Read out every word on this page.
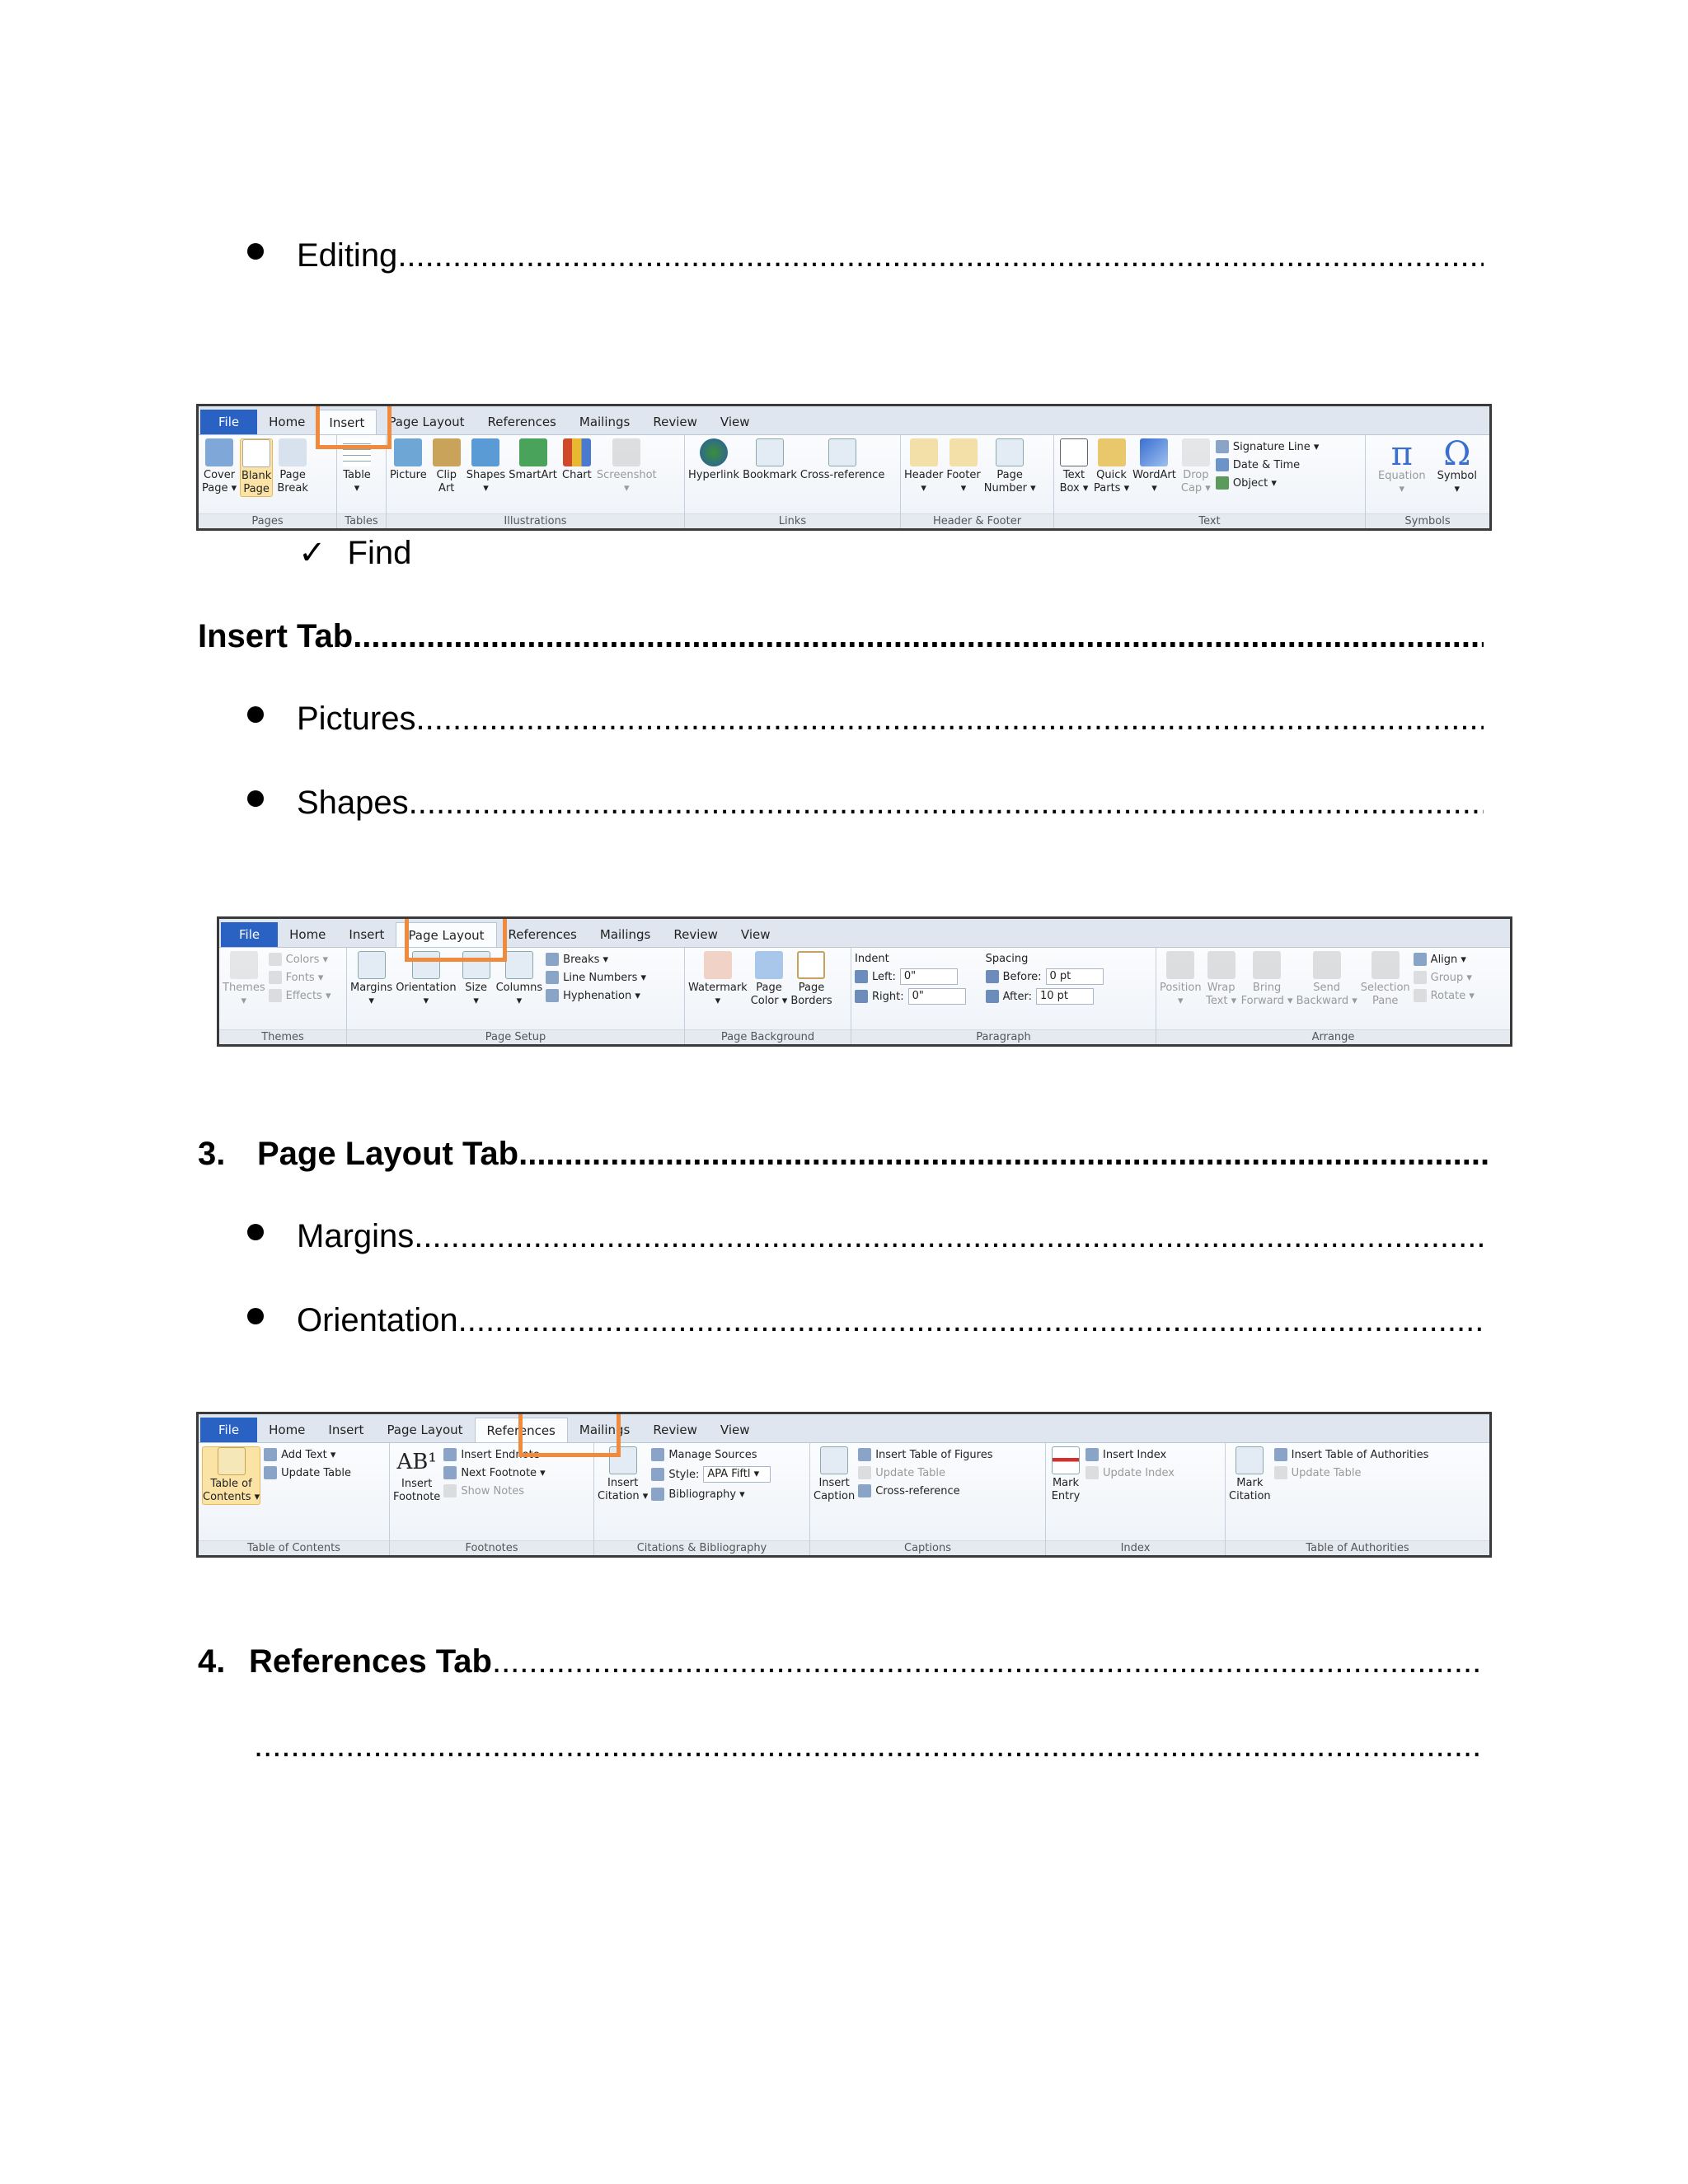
Editing
.....
File	Home	Insert	Page Layout	References	Mailings	Review	View
Cover
Page ▾
Blank
Page
Page
Break
Pages
Table
▾
Tables
Picture Clip
Art
Shapes
▾
SmartArt Chart Screenshot
▾
Illustrations
Hyperlink Bookmark Cross-reference
Links
Header
▾
Footer
▾
Page
Number ▾
Header & Footer
Text
Box ▾
Quick
Parts ▾
WordArt
▾
Drop
Cap ▾
Signature Line ▾
Date & Time
Object ▾
Text
π
Equation
▾
Ω
Symbol
▾
Symbols
✓ Find
Insert Tab
.....
Pictures
.....
Shapes
.....
File	Home	Insert	Page Layout	References	Mailings	Review	View
Themes
▾
Colors ▾
Fonts ▾
Effects ▾
Themes
Margins
▾
Orientation
▾
Size
▾
Columns
▾
Breaks ▾
Line Numbers ▾
Hyphenation ▾
Page Setup
Watermark
▾
Page
Color ▾
Page
Borders
Page Background
Indent
Left: 0"
Right: 0"
Spacing
Before: 0 pt
After: 10 pt
Paragraph
Position
▾
Wrap
Text ▾
Bring
Forward ▾
Send
Backward ▾
Selection
Pane
Align ▾
Group ▾
Rotate ▾
Arrange
3. Page Layout Tab
.....
Margins
.....
Orientation
.....
File	Home	Insert	Page Layout	References	Mailings	Review	View
Table of
Contents ▾
Add Text ▾
Update Table
Table of Contents
AB¹
Insert
Footnote
Insert Endnote
Next Footnote ▾
Show Notes
Footnotes
Insert
Citation ▾
Manage Sources
Style: APA Fiftl ▾
Bibliography ▾
Citations & Bibliography
Insert
Caption
Insert Table of Figures
Update Table
Cross-reference
Captions
Mark
Entry
Insert Index
Update Index
Index
Mark
Citation
Insert Table of Authorities
Update Table
Table of Authorities
4. References Tab
.....
.....
